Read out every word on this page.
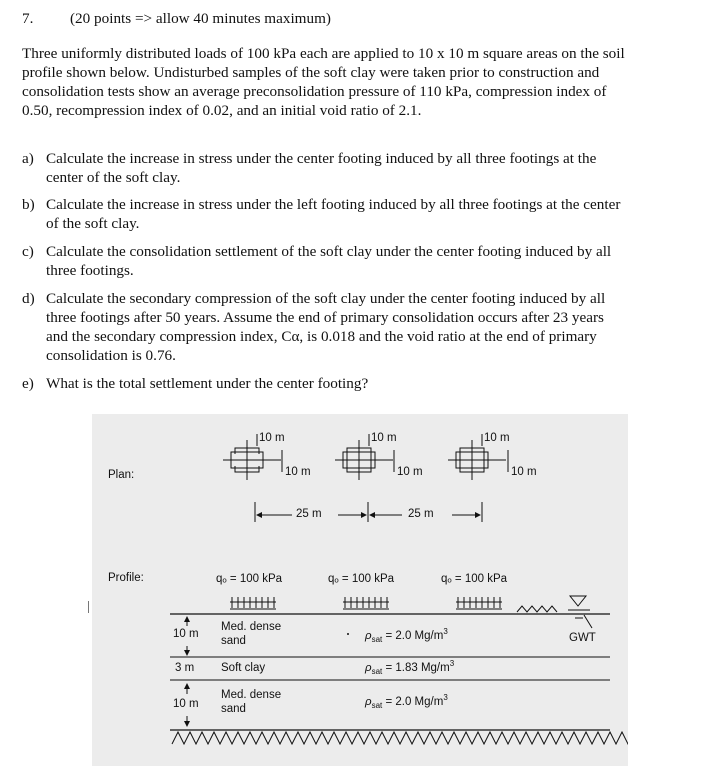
7. (20 points => allow 40 minutes maximum)
Three uniformly distributed loads of 100 kPa each are applied to 10 x 10 m square areas on the soil
profile shown below. Undisturbed samples of the soft clay were taken prior to construction and
consolidation tests show an average preconsolidation pressure of 110 kPa, compression index of
0.50, recompression index of 0.02, and an initial void ratio of 2.1.
a) Calculate the increase in stress under the center footing induced by all three footings at the
center of the soft clay.
b) Calculate the increase in stress under the left footing induced by all three footings at the center
of the soft clay.
c) Calculate the consolidation settlement of the soft clay under the center footing induced by all
three footings.
d) Calculate the secondary compression of the soft clay under the center footing induced by all
three footings after 50 years. Assume the end of primary consolidation occurs after 23 years
and the secondary compression index, Cα, is 0.018 and the void ratio at the end of primary
consolidation is 0.76.
e) What is the total settlement under the center footing?
Plan:
Profile:
10 m	10 m	10 m
10 m	10 m	10 m
25 m	25 m
qₒ = 100 kPa	qₒ = 100 kPa	qₒ = 100 kPa
10 m
Med. dense
sand	$\rho_{sat} = 2.0$ $Mg/m^3$
3 m Soft clay	$\rho_{sat} = 1.83$ $Mg/m^3$
10 m
Med. dense
sand
$\rho_{sat} = 2.0$ $Mg/m^3$
GWT
